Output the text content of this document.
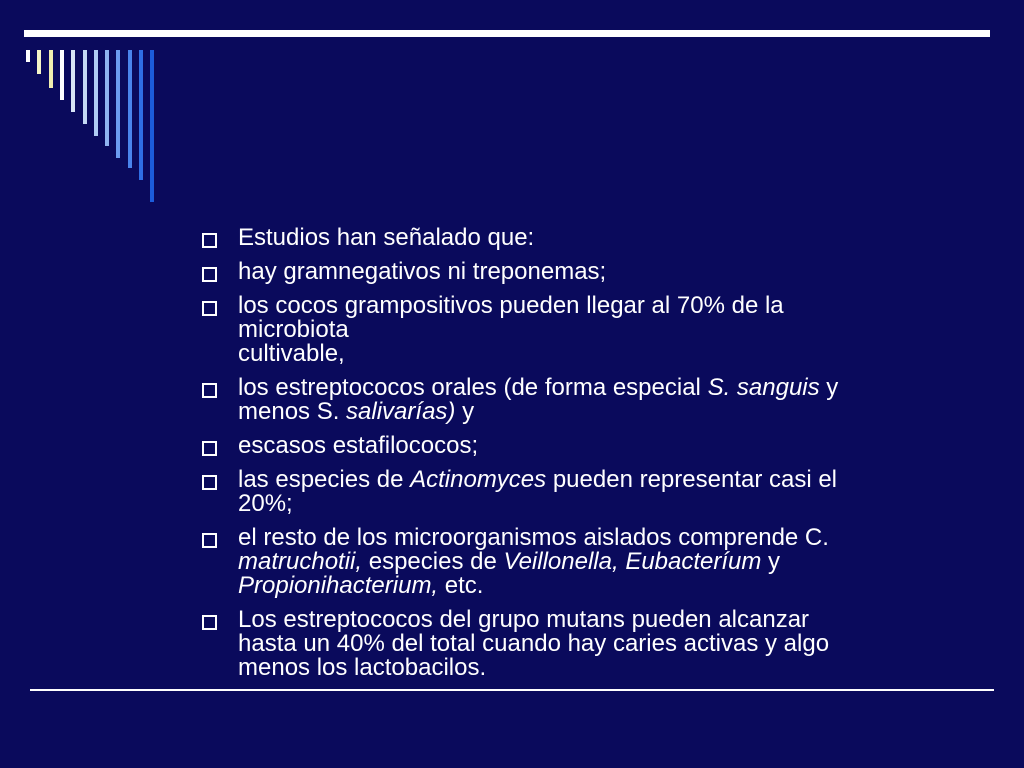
Estudios han señalado que:
hay gramnegativos ni treponemas;
los cocos grampositivos pueden llegar al 70% de la
microbiota
cultivable,
los estreptococos orales (de forma especial S. sanguis y
menos S. salivarías) y
escasos estafilococos;
las especies de Actinomyces pueden representar casi el
20%;
el resto de los microorganismos aislados comprende C.
matruchotii, especies de Veillonella, Eubacteríum y
Propionihacterium, etc.
Los estreptococos del grupo mutans pueden alcanzar
hasta un 40% del total cuando hay caries activas y algo
menos los lactobacilos.
